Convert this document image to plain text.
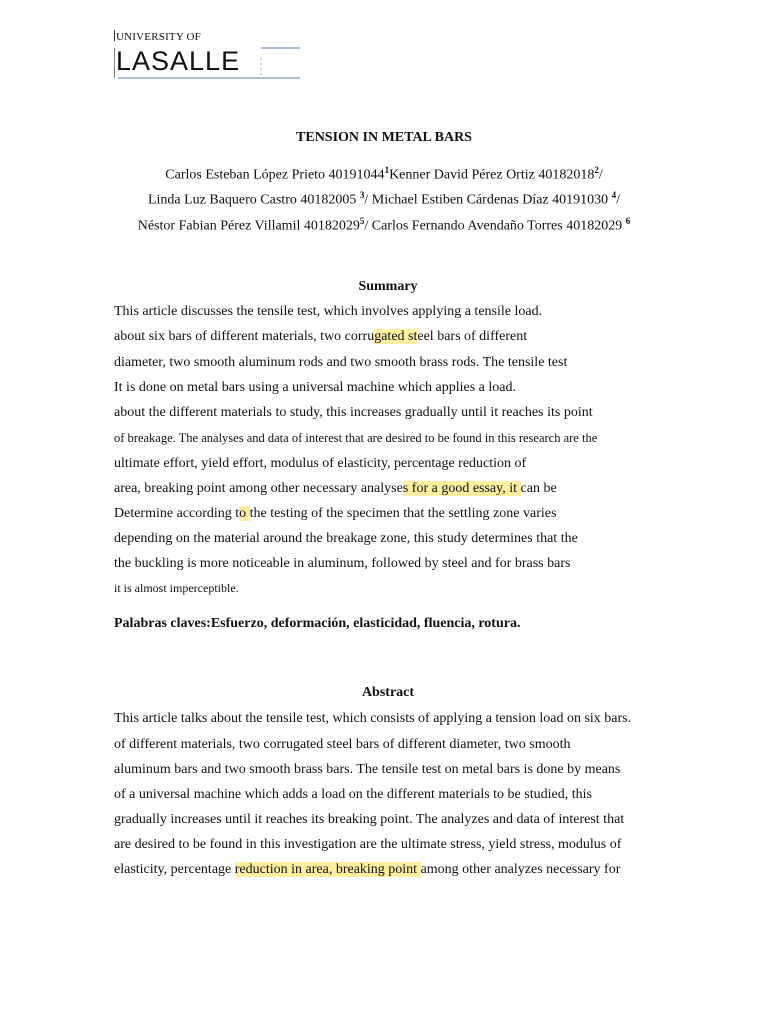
UNIVERSITY OF
LASALLE
TENSION IN METAL BARS
Carlos Esteban López Prieto 40191044$^1$Kenner David Pérez Ortiz 40182018$^2$/
Linda Luz Baquero Castro 40182005 $^3$/ Michael Estiben Cárdenas Díaz 40191030 $^4$/
Néstor Fabian Pérez Villamil 40182029$^5$/ Carlos Fernando Avendaño Torres 40182029 $^6$
Summary
This article discusses the tensile test, which involves applying a tensile load.
about six bars of different materials, two corrugated steel bars of different
diameter, two smooth aluminum rods and two smooth brass rods. The tensile test
It is done on metal bars using a universal machine which applies a load.
about the different materials to study, this increases gradually until it reaches its point
of breakage. The analyses and data of interest that are desired to be found in this research are the
ultimate effort, yield effort, modulus of elasticity, percentage reduction of
area, breaking point among other necessary analyses for a good essay, it can be
Determine according to the testing of the specimen that the settling zone varies
depending on the material around the breakage zone, this study determines that the
the buckling is more noticeable in aluminum, followed by steel and for brass bars
it is almost imperceptible.
Palabras claves:Esfuerzo, deformación, elasticidad, fluencia, rotura.
Abstract
This article talks about the tensile test, which consists of applying a tension load on six bars.
of different materials, two corrugated steel bars of different diameter, two smooth
aluminum bars and two smooth brass bars. The tensile test on metal bars is done by means
of a universal machine which adds a load on the different materials to be studied, this
gradually increases until it reaches its breaking point. The analyzes and data of interest that
are desired to be found in this investigation are the ultimate stress, yield stress, modulus of
elasticity, percentage reduction in area, breaking point among other analyzes necessary for
